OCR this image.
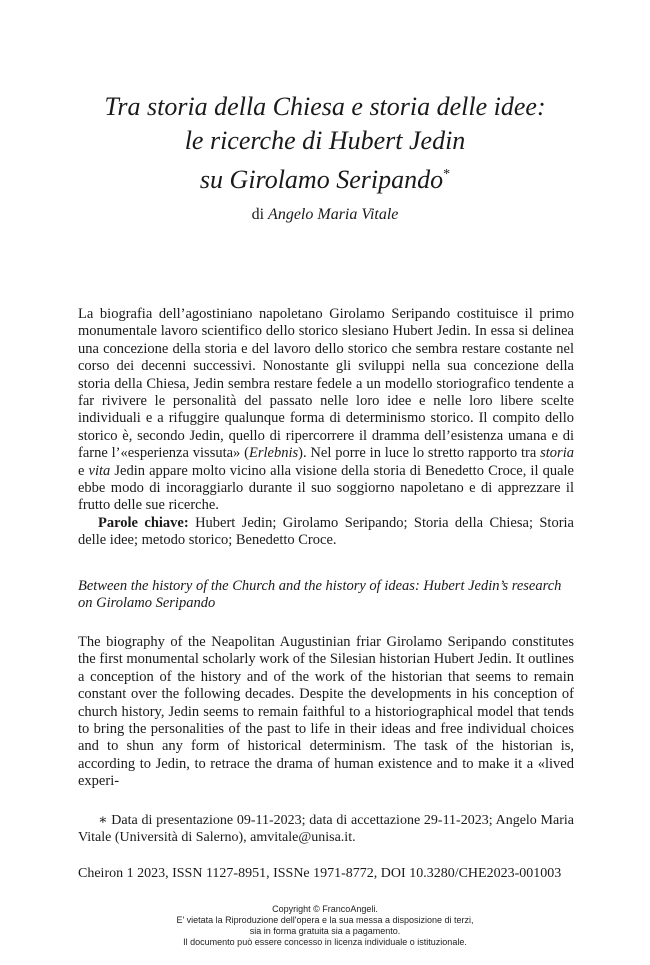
Tra storia della Chiesa e storia delle idee:
le ricerche di Hubert Jedin
su Girolamo Seripando*

di Angelo Maria Vitale

La biografia dell’agostiniano napoletano Girolamo Seripando costituisce il primo monumentale lavoro scientifico dello storico slesiano Hubert Jedin. In essa si delinea una concezione della storia e del lavoro dello storico che sembra restare costante nel corso dei decenni successivi. Nonostante gli sviluppi nella sua concezione della storia della Chiesa, Jedin sembra restare fedele a un modello storiografico tendente a far rivivere le personalità del passato nelle loro idee e nelle loro libere scelte individuali e a rifuggire qualunque forma di determinismo storico. Il compito dello storico è, secondo Jedin, quello di ripercorrere il dramma dell’esistenza umana e di farne l’«esperienza vissuta» (Erlebnis). Nel porre in luce lo stretto rapporto tra storia e vita Jedin appare molto vicino alla visione della storia di Benedetto Croce, il quale ebbe modo di incoraggiarlo durante il suo soggiorno napoletano e di apprezzare il frutto delle sue ricerche.

Parole chiave: Hubert Jedin; Girolamo Seripando; Storia della Chiesa; Storia delle idee; metodo storico; Benedetto Croce.

Between the history of the Church and the history of ideas: Hubert Jedin’s research on Girolamo Seripando

The biography of the Neapolitan Augustinian friar Girolamo Seripando constitutes the first monumental scholarly work of the Silesian historian Hubert Jedin. It outlines a conception of the history and of the work of the historian that seems to remain constant over the following decades. Despite the developments in his conception of church history, Jedin seems to remain faithful to a historiographical model that tends to bring the personalities of the past to life in their ideas and free individual choices and to shun any form of historical determinism. The task of the historian is, according to Jedin, to retrace the drama of human existence and to make it a «lived experi-

∗ Data di presentazione 09-11-2023; data di accettazione 29-11-2023; Angelo Maria Vitale (Università di Salerno), amvitale@unisa.it.

Cheiron 1 2023, ISSN 1127-8951, ISSNe 1971-8772, DOI 10.3280/CHE2023-001003

Copyright © FrancoAngeli.
E' vietata la Riproduzione dell'opera e la sua messa a disposizione di terzi,
sia in forma gratuita sia a pagamento.
Il documento può essere concesso in licenza individuale o istituzionale.
